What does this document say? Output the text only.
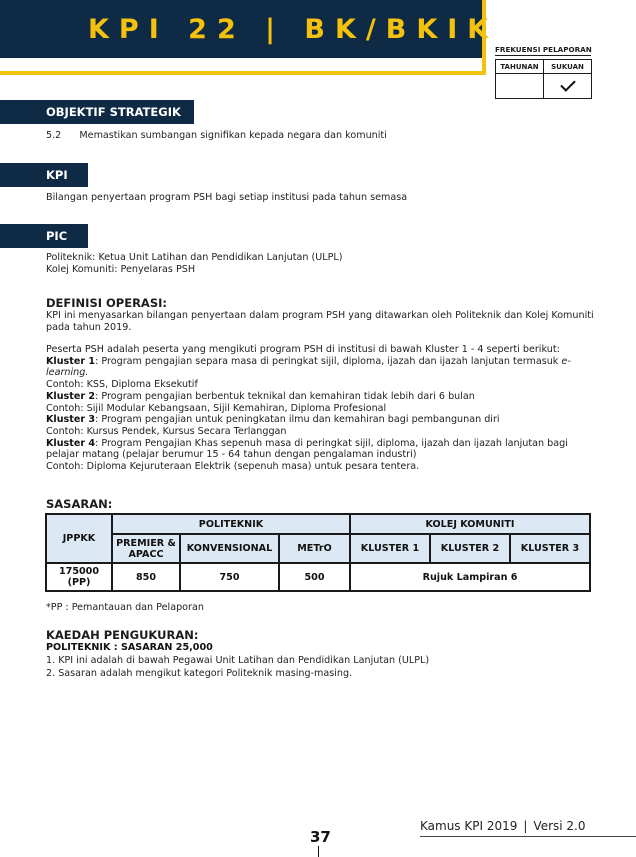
KPI 22 | BK/BKIK
FREKUENSI PELAPORAN
TAHUNAN	SUKUAN

OBJEKTIF STRATEGIK
5.2 Memastikan sumbangan signifikan kepada negara dan komuniti
KPI
Bilangan penyertaan program PSH bagi setiap institusi pada tahun semasa
PIC
Politeknik: Ketua Unit Latihan dan Pendidikan Lanjutan (ULPL)
Kolej Komuniti: Penyelaras PSH
DEFINISI OPERASI:
KPI ini menyasarkan bilangan penyertaan dalam program PSH yang ditawarkan oleh Politeknik dan Kolej Komuniti pada tahun 2019.
Peserta PSH adalah peserta yang mengikuti program PSH di institusi di bawah Kluster 1 - 4 seperti berikut:
Kluster 1: Program pengajian separa masa di peringkat sijil, diploma, ijazah dan ijazah lanjutan termasuk e-learning.
Contoh: KSS, Diploma Eksekutif
Kluster 2: Program pengajian berbentuk teknikal dan kemahiran tidak lebih dari 6 bulan
Contoh: Sijil Modular Kebangsaan, Sijil Kemahiran, Diploma Profesional
Kluster 3: Program pengajian untuk peningkatan ilmu dan kemahiran bagi pembangunan diri
Contoh: Kursus Pendek, Kursus Secara Terlanggan
Kluster 4: Program Pengajian Khas sepenuh masa di peringkat sijil, diploma, ijazah dan ijazah lanjutan bagi pelajar matang (pelajar berumur 15 - 64 tahun dengan pengalaman industri)
Contoh: Diploma Kejuruteraan Elektrik (sepenuh masa) untuk pesara tentera.
SASARAN:
JPPKK	POLITEKNIK			KOLEJ KOMUNITI		
	PREMIER & APACC	KONVENSIONAL	METrO	KLUSTER 1	KLUSTER 2	KLUSTER 3
175000 (PP)	850	750	500	Rujuk Lampiran 6		
*PP : Pemantauan dan Pelaporan
KAEDAH PENGUKURAN:
POLITEKNIK : SASARAN 25,000
1. KPI ini adalah di bawah Pegawai Unit Latihan dan Pendidikan Lanjutan (ULPL)
2. Sasaran adalah mengikut kategori Politeknik masing-masing.
37
Kamus KPI 2019 | Versi 2.0
